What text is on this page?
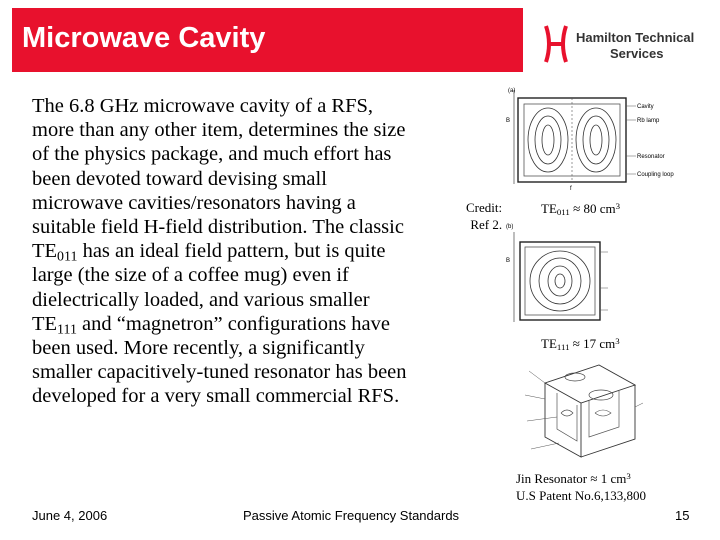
Microwave Cavity	Hamilton Technical
Services
The 6.8 GHz microwave cavity of a RFS,
more than any other item, determines the size
of the physics package, and much effort has
been devoted toward devising small
microwave cavities/resonators having a
suitable field H-field distribution. The classic
$TE_{011}$ has an ideal field pattern, but is quite
large (the size of a coffee mug) even if
dielectrically loaded, and various smaller
$TE_{111}$ and “magnetron” configurations have
been used. More recently, a significantly
smaller capacitively-tuned resonator has been
developed for a very small commercial RFS.
Credit:
Ref 2.
(a)
B
Cavity
Rb lamp
Resonator
Coupling loop
f
$TE_{011} \approx 80$ $cm^3$
(b)
B
$TE_{111} \approx 17$ $cm^3$
Jin Resonator ≈ 1 $cm^3$
U.S Patent No.6,133,800
June 4, 2006	Passive Atomic Frequency Standards	15
